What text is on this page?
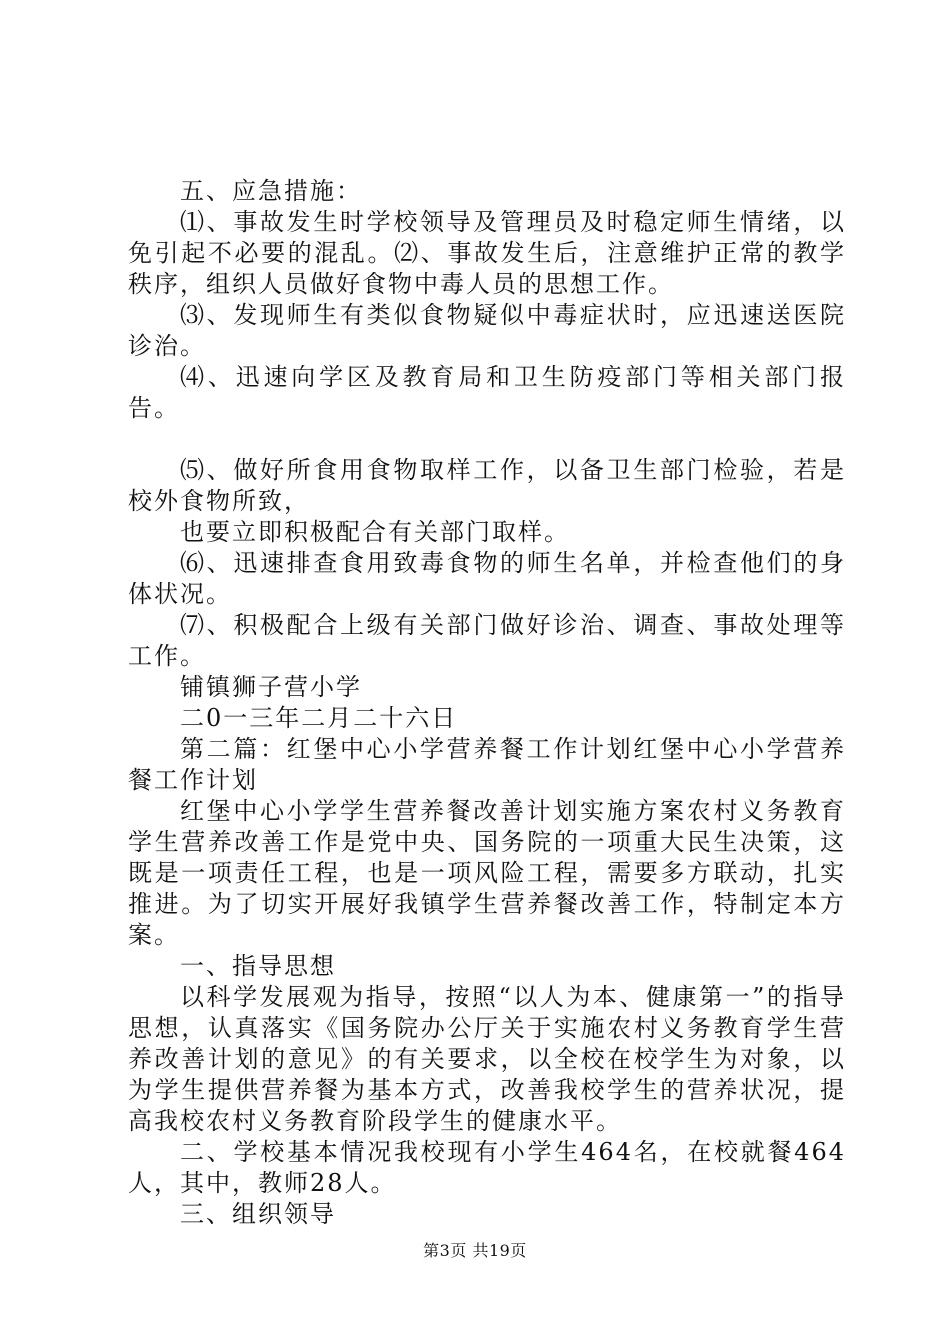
五、应急措施：

⑴、事故发生时学校领导及管理员及时稳定师生情绪，以免引起不必要的混乱。⑵、事故发生后，注意维护正常的教学秩序，组织人员做好食物中毒人员的思想工作。

⑶、发现师生有类似食物疑似中毒症状时，应迅速送医院诊治。

⑷、迅速向学区及教育局和卫生防疫部门等相关部门报告。

⑸、做好所食用食物取样工作，以备卫生部门检验，若是校外食物所致，

也要立即积极配合有关部门取样。

⑹、迅速排查食用致毒食物的师生名单，并检查他们的身体状况。

⑺、积极配合上级有关部门做好诊治、调查、事故处理等工作。

铺镇狮子营小学

二0一三年二月二十六日

第二篇：红堡中心小学营养餐工作计划红堡中心小学营养餐工作计划

红堡中心小学学生营养餐改善计划实施方案农村义务教育学生营养改善工作是党中央、国务院的一项重大民生决策，这既是一项责任工程，也是一项风险工程，需要多方联动，扎实推进。为了切实开展好我镇学生营养餐改善工作，特制定本方案。

一、指导思想

以科学发展观为指导，按照“以人为本、健康第一”的指导思想，认真落实《国务院办公厅关于实施农村义务教育学生营养改善计划的意见》的有关要求，以全校在校学生为对象，以为学生提供营养餐为基本方式，改善我校学生的营养状况，提高我校农村义务教育阶段学生的健康水平。

二、学校基本情况我校现有小学生464名，在校就餐464人，其中，教师28人。

三、组织领导

第3页 共19页
